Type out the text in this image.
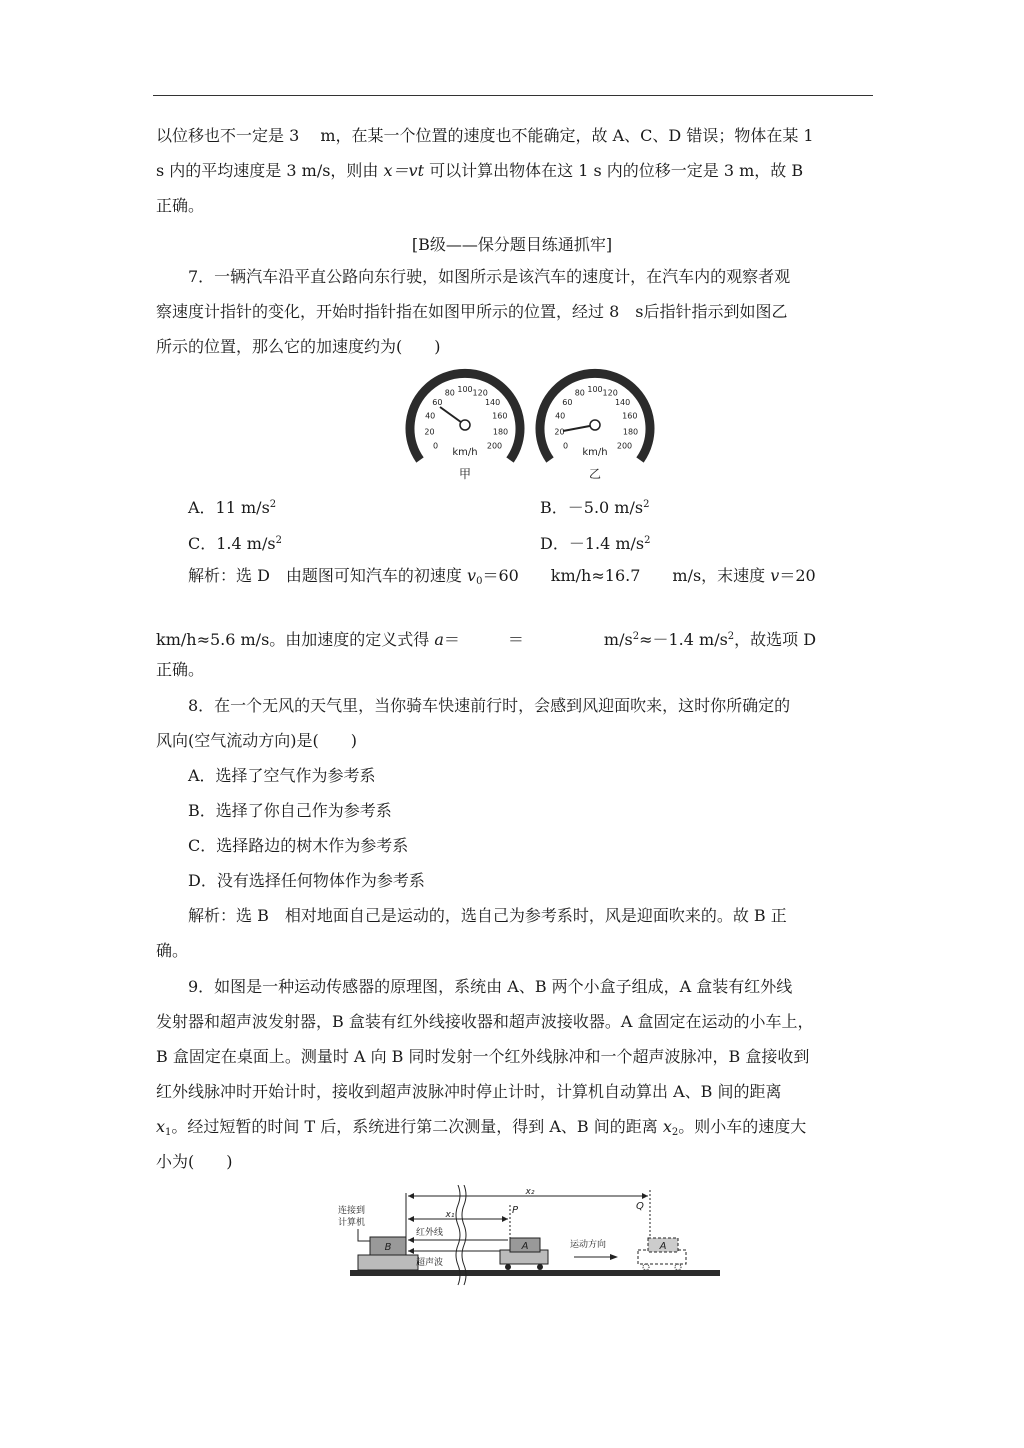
以位移也不一定是 3　 m，在某一个位置的速度也不能确定，故 A、C、D 错误；物体在某 1
s 内的平均速度是 3 m/s，则由 x＝vt 可以计算出物体在这 1 s 内的位移一定是 3 m，故 B
正确。
[B级——保分题目练通抓牢]
7．一辆汽车沿平直公路向东行驶，如图所示是该汽车的速度计，在汽车内的观察者观
察速度计指针的变化，开始时指针指在如图甲所示的位置，经过 8　s后指针指示到如图乙
所示的位置，那么它的加速度约为(　　)
0
20
40
60
80 100 120
140
160
180
200
km/h
甲
0
20
40
60
80 100 120
140
160
180
200
km/h
乙
A．11 $m/s^2$	B．－5.0 $m/s^2$
C．1.4 $m/s^2$	D．－1.4 $m/s^2$
解析：选 D　由题图可知汽车的初速度 $v_0=60$　　km/h≈16.7　　m/s，末速度 v＝20
km/h≈5.6 m/s。由加速度的定义式得 a＝　　　＝　　　　　$m/s^2\approx-1.4$ $m/s^2$，故选项 D
正确。
8．在一个无风的天气里，当你骑车快速前行时，会感到风迎面吹来，这时你所确定的
风向(空气流动方向)是(　　)
A．选择了空气作为参考系
B．选择了你自己作为参考系
C．选择路边的树木作为参考系
D．没有选择任何物体作为参考系
解析：选 B　相对地面自己是运动的，选自己为参考系时，风是迎面吹来的。故 B 正
确。
9．如图是一种运动传感器的原理图，系统由 A、B 两个小盒子组成，A 盒装有红外线
发射器和超声波发射器，B 盒装有红外线接收器和超声波接收器。A 盒固定在运动的小车上，
B 盒固定在桌面上。测量时 A 向 B 同时发射一个红外线脉冲和一个超声波脉冲，B 盒接收到
红外线脉冲时开始计时，接收到超声波脉冲时停止计时，计算机自动算出 A、B 间的距离
$x_1$。经过短暂的时间 T 后，系统进行第二次测量，得到 A、B 间的距离 $x_2$。则小车的速度大
小为(　　)
x₂
x₁	P	Q
连接到
计算机
B
红外线
超声波
A	运动方向	A
